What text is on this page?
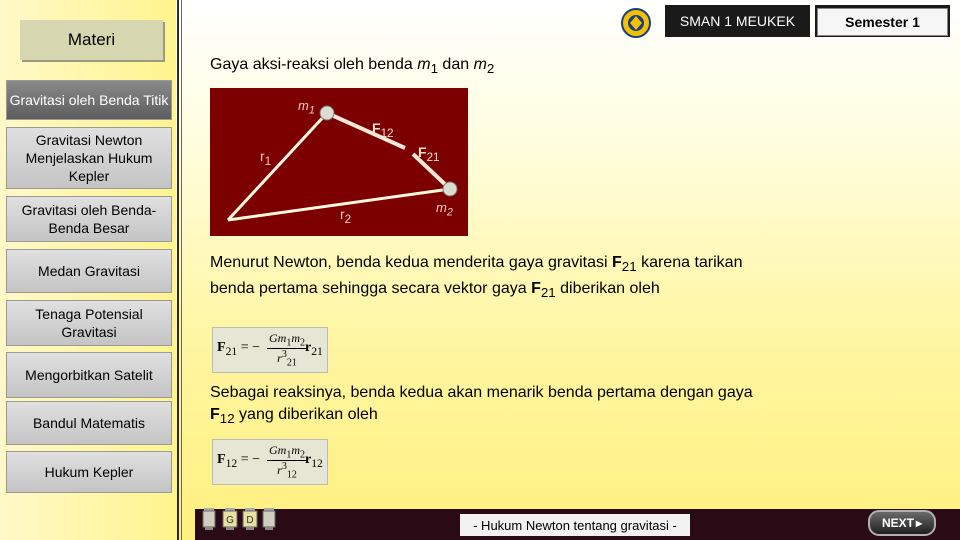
Materi
Gravitasi oleh Benda Titik
Gravitasi Newton Menjelaskan Hukum Kepler
Gravitasi oleh Benda-Benda Besar
Medan Gravitasi
Tenaga Potensial Gravitasi
Mengorbitkan Satelit
Bandul Matematis
Hukum Kepler
SMAN 1 MEUKEK	Semester 1
Gaya aksi-reaksi oleh benda $m_1$ dan $m_2$
$m_1$
$F_{12}$
$F_{21}$
$r_1$
$r_2$
$m_2$
Menurut Newton, benda kedua menderita gaya gravitasi $F_{21}$ karena tarikan benda pertama sehingga secara vektor gaya $F_{21}$ diberikan oleh
$F_{21}$ = − $\frac{Gm_1m_2}{r^3_{21}}$
$r_{21}$
Sebagai reaksinya, benda kedua akan menarik benda pertama dengan gaya $F_{12}$ yang diberikan oleh
$F_{12}$ = − $\frac{Gm_1m_2}{r^3_{12}}$
$r_{12}$
G D	- Hukum Newton tentang gravitasi -	NEXT ▸
